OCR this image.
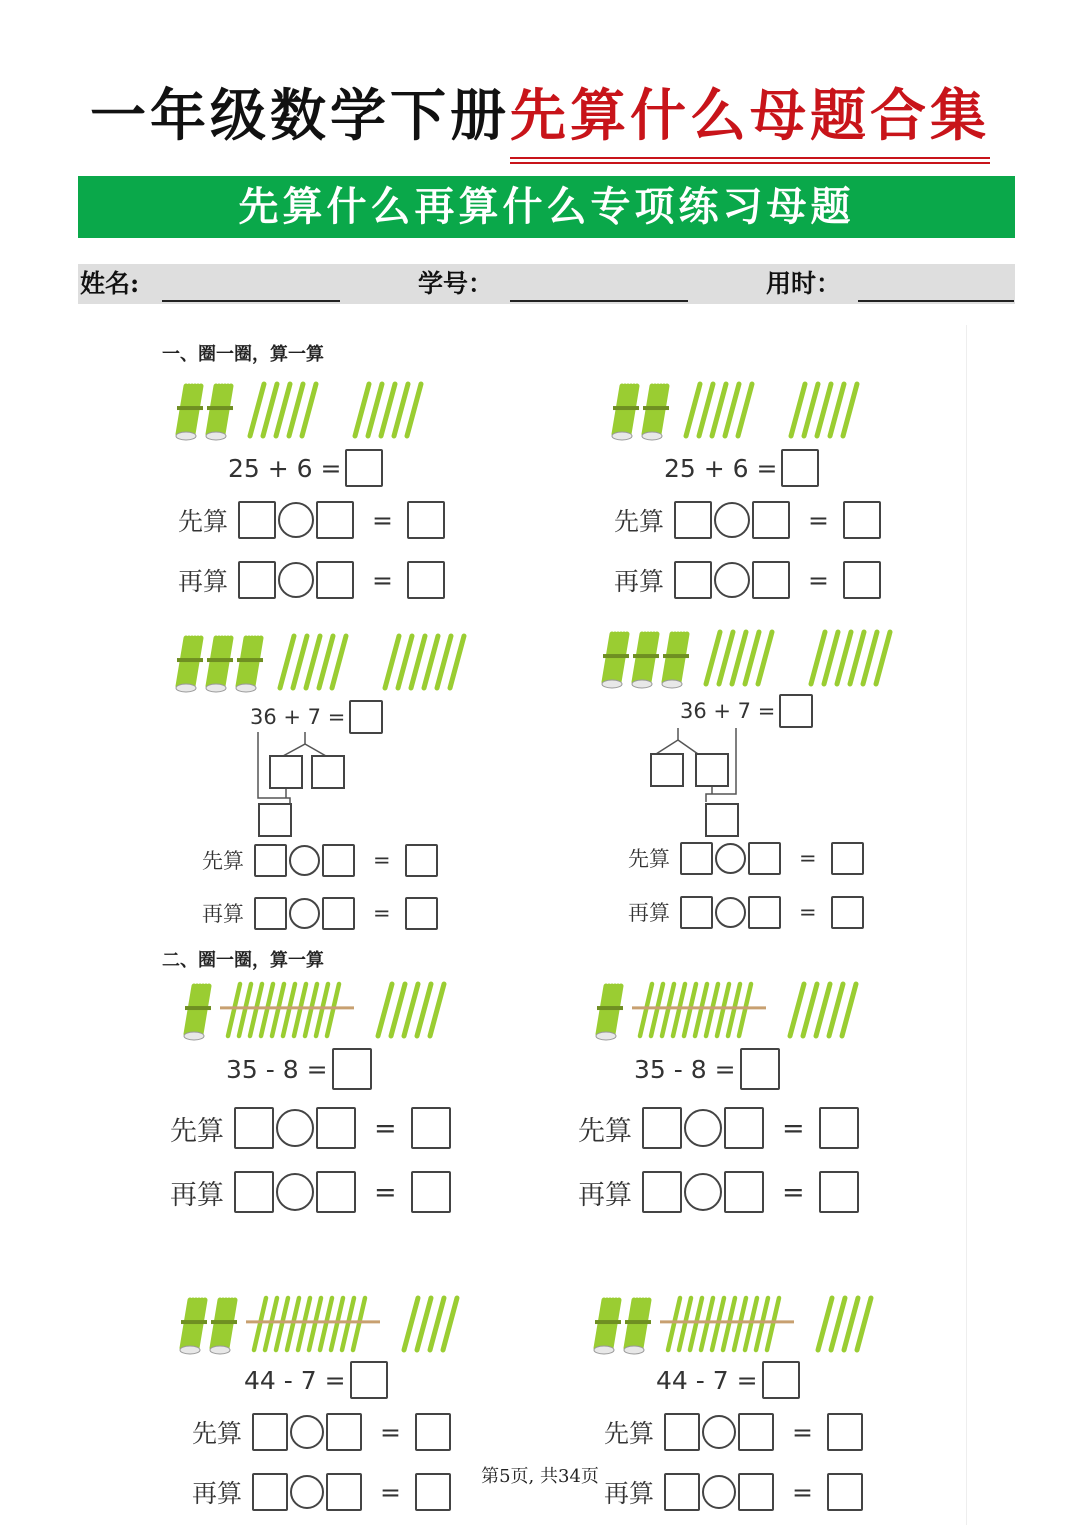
一年级数学下册先算什么母题合集
先算什么再算什么专项练习母题
姓名:	学号：	用时：
一、圈一圈，算一算
二、圈一圈，算一算
25 + 6 =
先算	=
再算	=
25 + 6 =
先算	=
再算	=
36 + 7 =
先算	=
再算	=
36 + 7 =
先算	=
再算	=
35 - 8 =
先算	=
再算	=
35 - 8 =
先算	=
再算	=
44 - 7 =
先算	=
再算	=
44 - 7 =
先算	=
再算	=
第5页, 共34页
